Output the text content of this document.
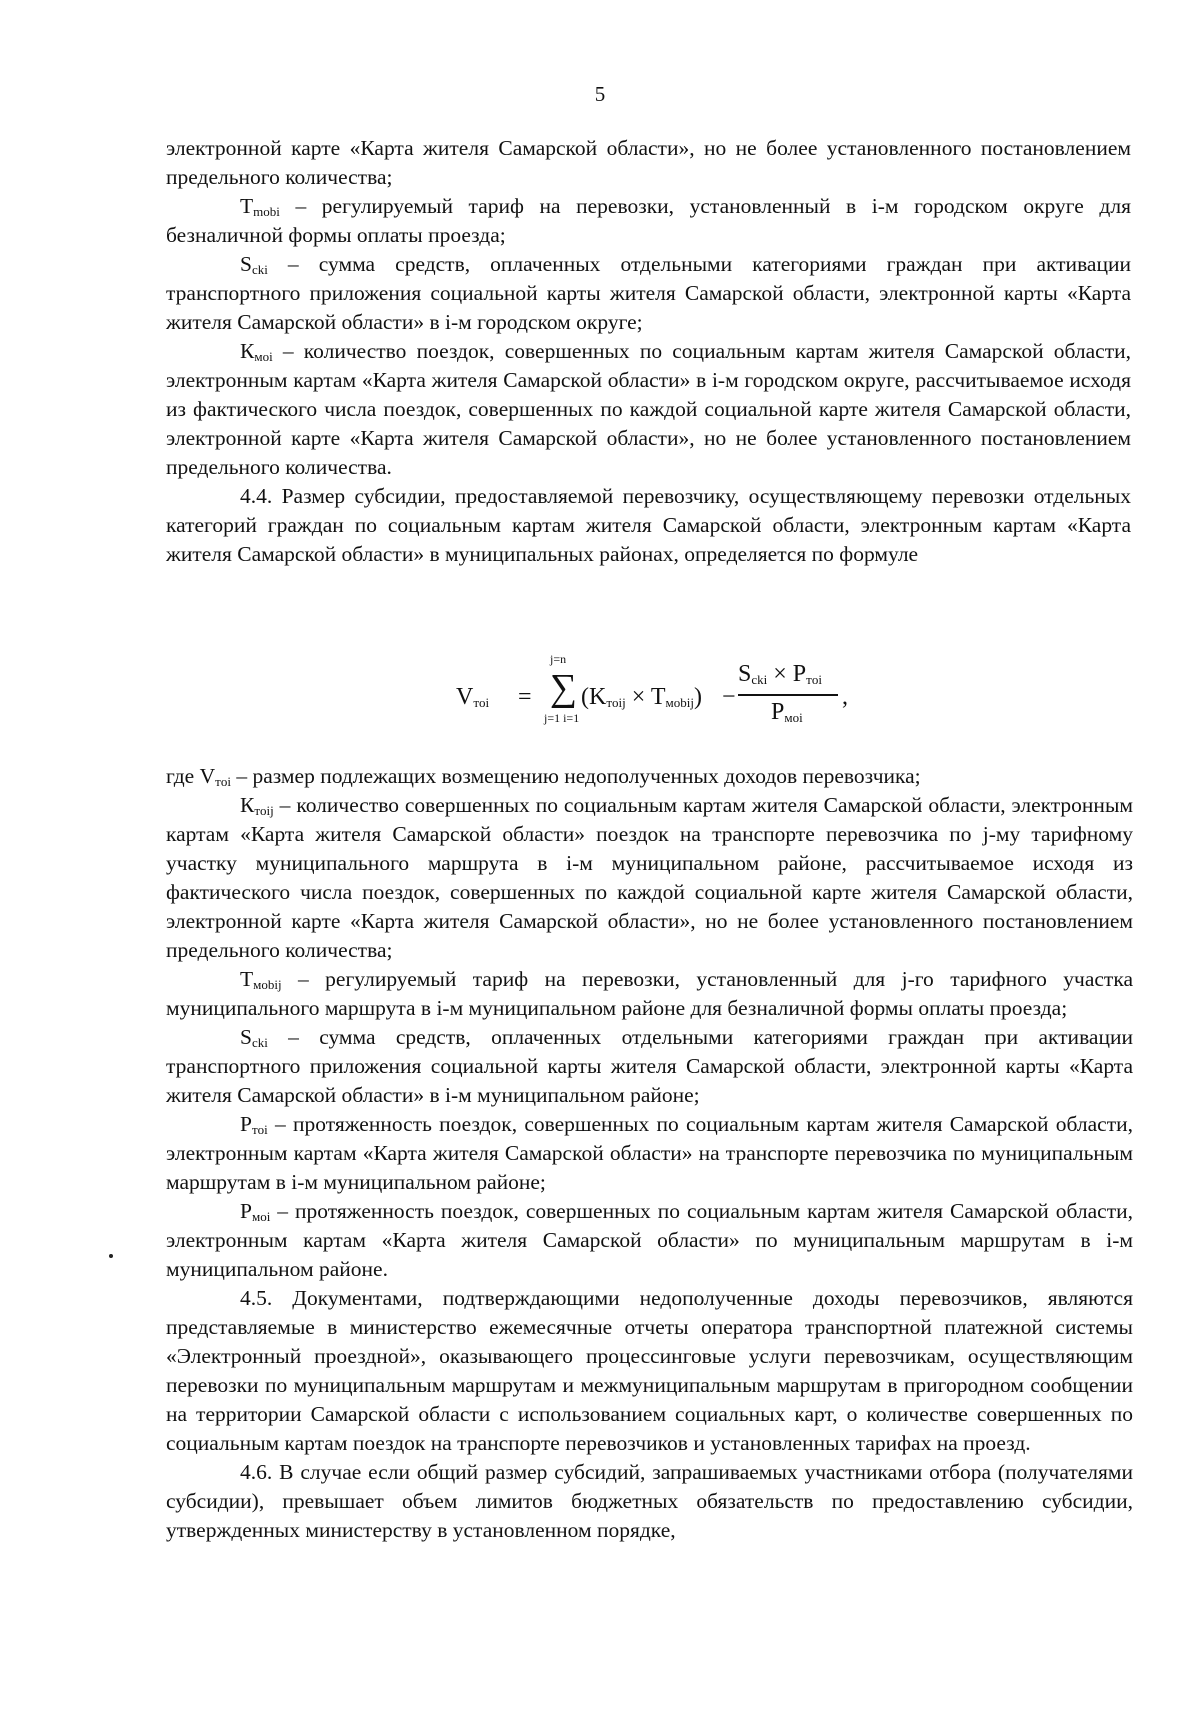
5

электронной карте «Карта жителя Самарской области», но не более установленного постановлением предельного количества;

$Т_{mobi}$ – регулируемый тариф на перевозки, установленный в i-м городском округе для безналичной формы оплаты проезда;

$S_{cki}$ – сумма средств, оплаченных отдельными категориями граждан при активации транспортного приложения социальной карты жителя Самарской области, электронной карты «Карта жителя Самарской области» в i-м городском округе;

$К_{мoi}$ – количество поездок, совершенных по социальным картам жителя Самарской области, электронным картам «Карта жителя Самарской области» в i-м городском округе, рассчитываемое исходя из фактического числа поездок, совершенных по каждой социальной карте жителя Самарской области, электронной карте «Карта жителя Самарской области», но не более установленного постановлением предельного количества.

4.4. Размер субсидии, предоставляемой перевозчику, осуществляющему перевозки отдельных категорий граждан по социальным картам жителя Самарской области, электронным картам «Карта жителя Самарской области» в муниципальных районах, определяется по формуле

$V_{тoi}$ =
j=n
∑
j=1 i=1
$(K_{тoij} \times T_{мobij})$ −
$S_{cki} \times P_{тoi}$
$P_{мoi}$
,

где $V_{тoi}$ – размер подлежащих возмещению недополученных доходов перевозчика;

$К_{тoij}$ – количество совершенных по социальным картам жителя Самарской области, электронным картам «Карта жителя Самарской области» поездок на транспорте перевозчика по j-му тарифному участку муниципального маршрута в i-м муниципальном районе, рассчитываемое исходя из фактического числа поездок, совершенных по каждой социальной карте жителя Самарской области, электронной карте «Карта жителя Самарской области», но не более установленного постановлением предельного количества;

$Т_{мobij}$ – регулируемый тариф на перевозки, установленный для j-го тарифного участка муниципального маршрута в i-м муниципальном районе для безналичной формы оплаты проезда;

$S_{cki}$ – сумма средств, оплаченных отдельными категориями граждан при активации транспортного приложения социальной карты жителя Самарской области, электронной карты «Карта жителя Самарской области» в i-м муниципальном районе;

$Р_{тoi}$ – протяженность поездок, совершенных по социальным картам жителя Самарской области, электронным картам «Карта жителя Самарской области» на транспорте перевозчика по муниципальным маршрутам в i-м муниципальном районе;

$Р_{мoi}$ – протяженность поездок, совершенных по социальным картам жителя Самарской области, электронным картам «Карта жителя Самарской области» по муниципальным маршрутам в i-м муниципальном районе.

4.5. Документами, подтверждающими недополученные доходы перевозчиков, являются представляемые в министерство ежемесячные отчеты оператора транспортной платежной системы «Электронный проездной», оказывающего процессинговые услуги перевозчикам, осуществляющим перевозки по муниципальным маршрутам и межмуниципальным маршрутам в пригородном сообщении на территории Самарской области с использованием социальных карт, о количестве совершенных по социальным картам поездок на транспорте перевозчиков и установленных тарифах на проезд.

4.6. В случае если общий размер субсидий, запрашиваемых участниками отбора (получателями субсидии), превышает объем лимитов бюджетных обязательств по предоставлению субсидии, утвержденных министерству в установленном порядке,
